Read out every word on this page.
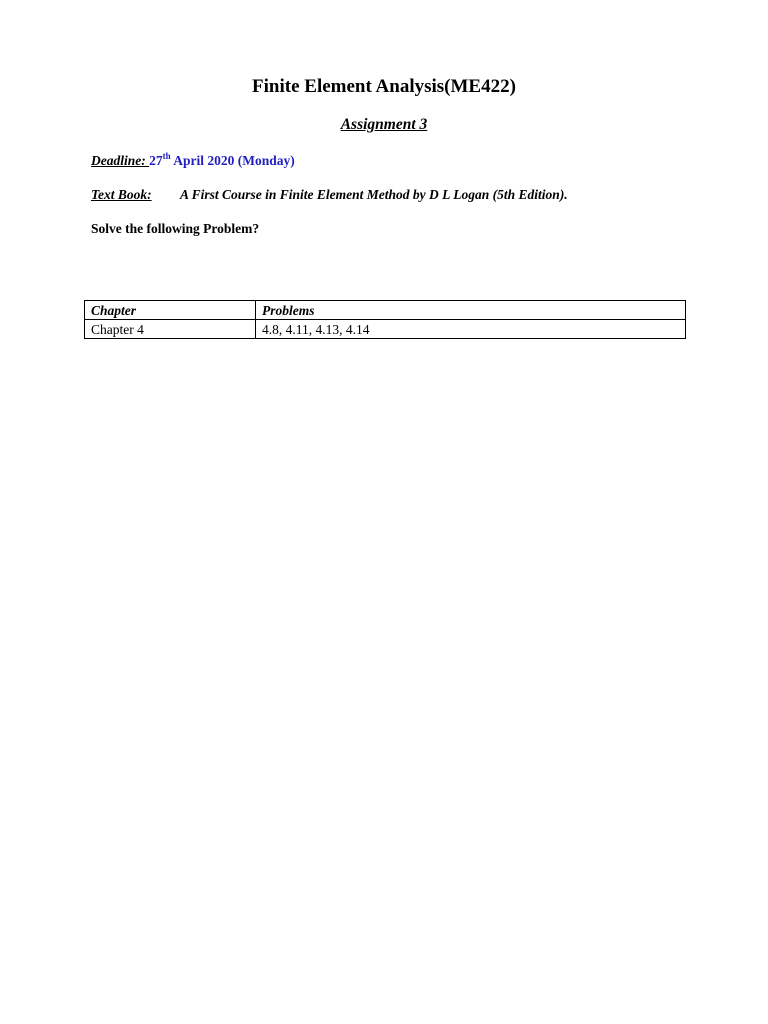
Finite Element Analysis(ME422)
Assignment 3
Deadline: 27th April 2020 (Monday)
Text Book: A First Course in Finite Element Method by D L Logan (5th Edition).
Solve the following Problem?
Chapter	Problems
Chapter 4	4.8, 4.11, 4.13, 4.14
